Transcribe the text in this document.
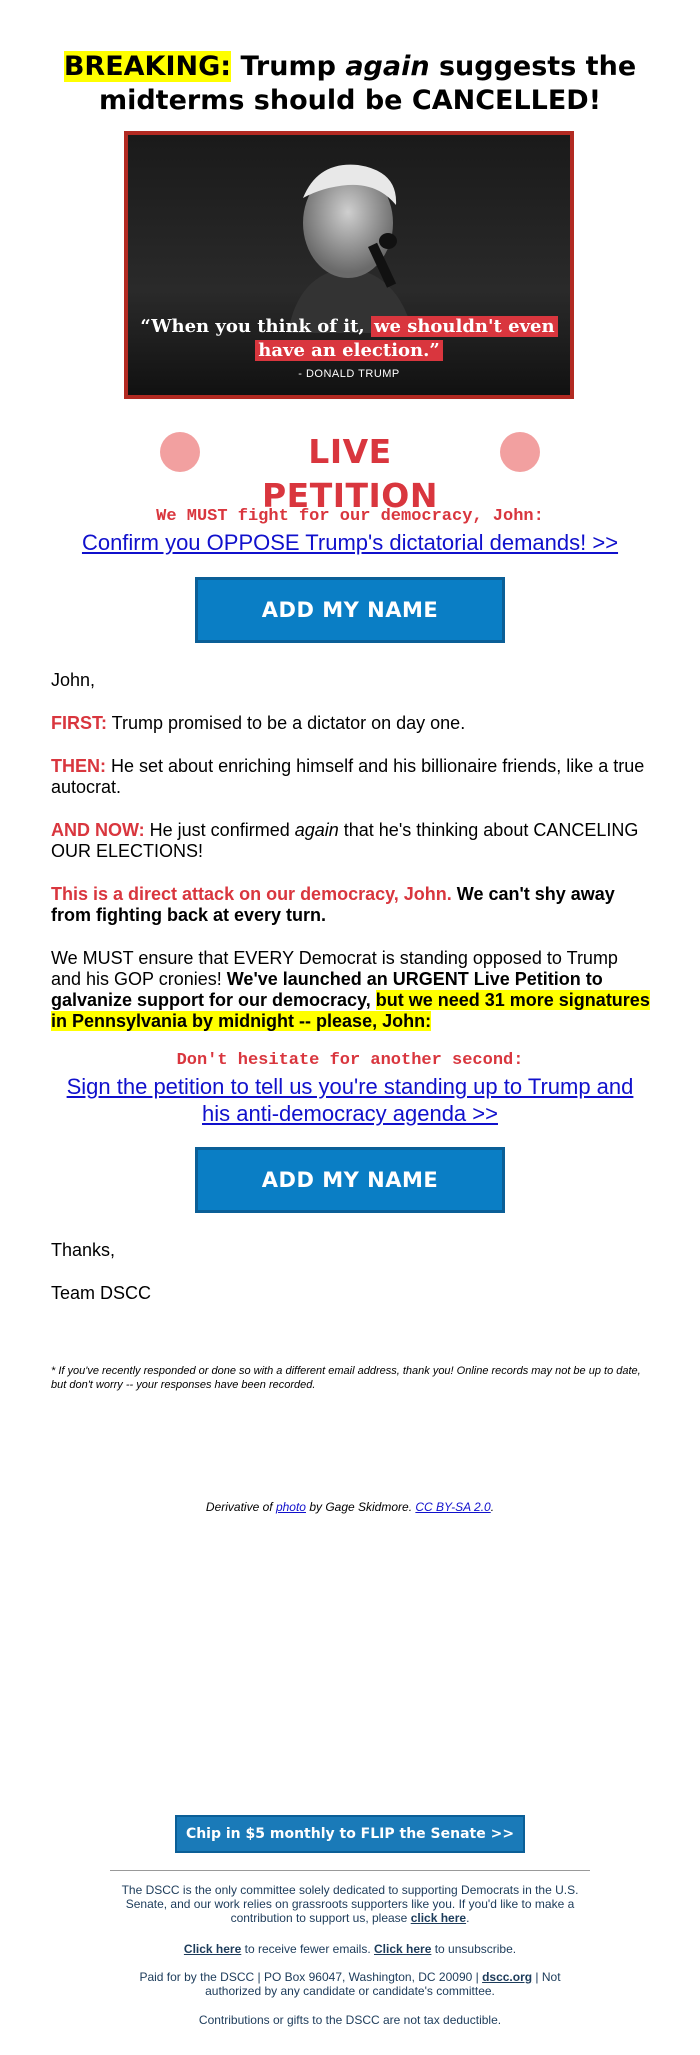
BREAKING: Trump again suggests the midterms should be CANCELLED!
“When you think of it, we shouldn't even
have an election.”
- DONALD TRUMP
LIVE PETITION
We MUST fight for our democracy, John:
Confirm you OPPOSE Trump's dictatorial demands! >>
ADD MY NAME
John,
FIRST: Trump promised to be a dictator on day one.
THEN: He set about enriching himself and his billionaire friends, like a true autocrat.
AND NOW: He just confirmed again that he's thinking about CANCELING OUR ELECTIONS!
This is a direct attack on our democracy, John. We can't shy away from fighting back at every turn.
We MUST ensure that EVERY Democrat is standing opposed to Trump and his GOP cronies! We've launched an URGENT Live Petition to galvanize support for our democracy, but we need 31 more signatures in Pennsylvania by midnight -- please, John:
Don't hesitate for another second:
Sign the petition to tell us you're standing up to Trump and his anti-democracy agenda >>
ADD MY NAME
Thanks,
Team DSCC
* If you've recently responded or done so with a different email address, thank you! Online records may not be up to date, but don't worry -- your responses have been recorded.
Derivative of photo by Gage Skidmore. CC BY-SA 2.0.
Chip in $5 monthly to FLIP the Senate >>
The DSCC is the only committee solely dedicated to supporting Democrats in the U.S. Senate, and our work relies on grassroots supporters like you. If you'd like to make a contribution to support us, please click here.
Click here to receive fewer emails. Click here to unsubscribe.
Paid for by the DSCC | PO Box 96047, Washington, DC 20090 | dscc.org | Not authorized by any candidate or candidate's committee.
Contributions or gifts to the DSCC are not tax deductible.
